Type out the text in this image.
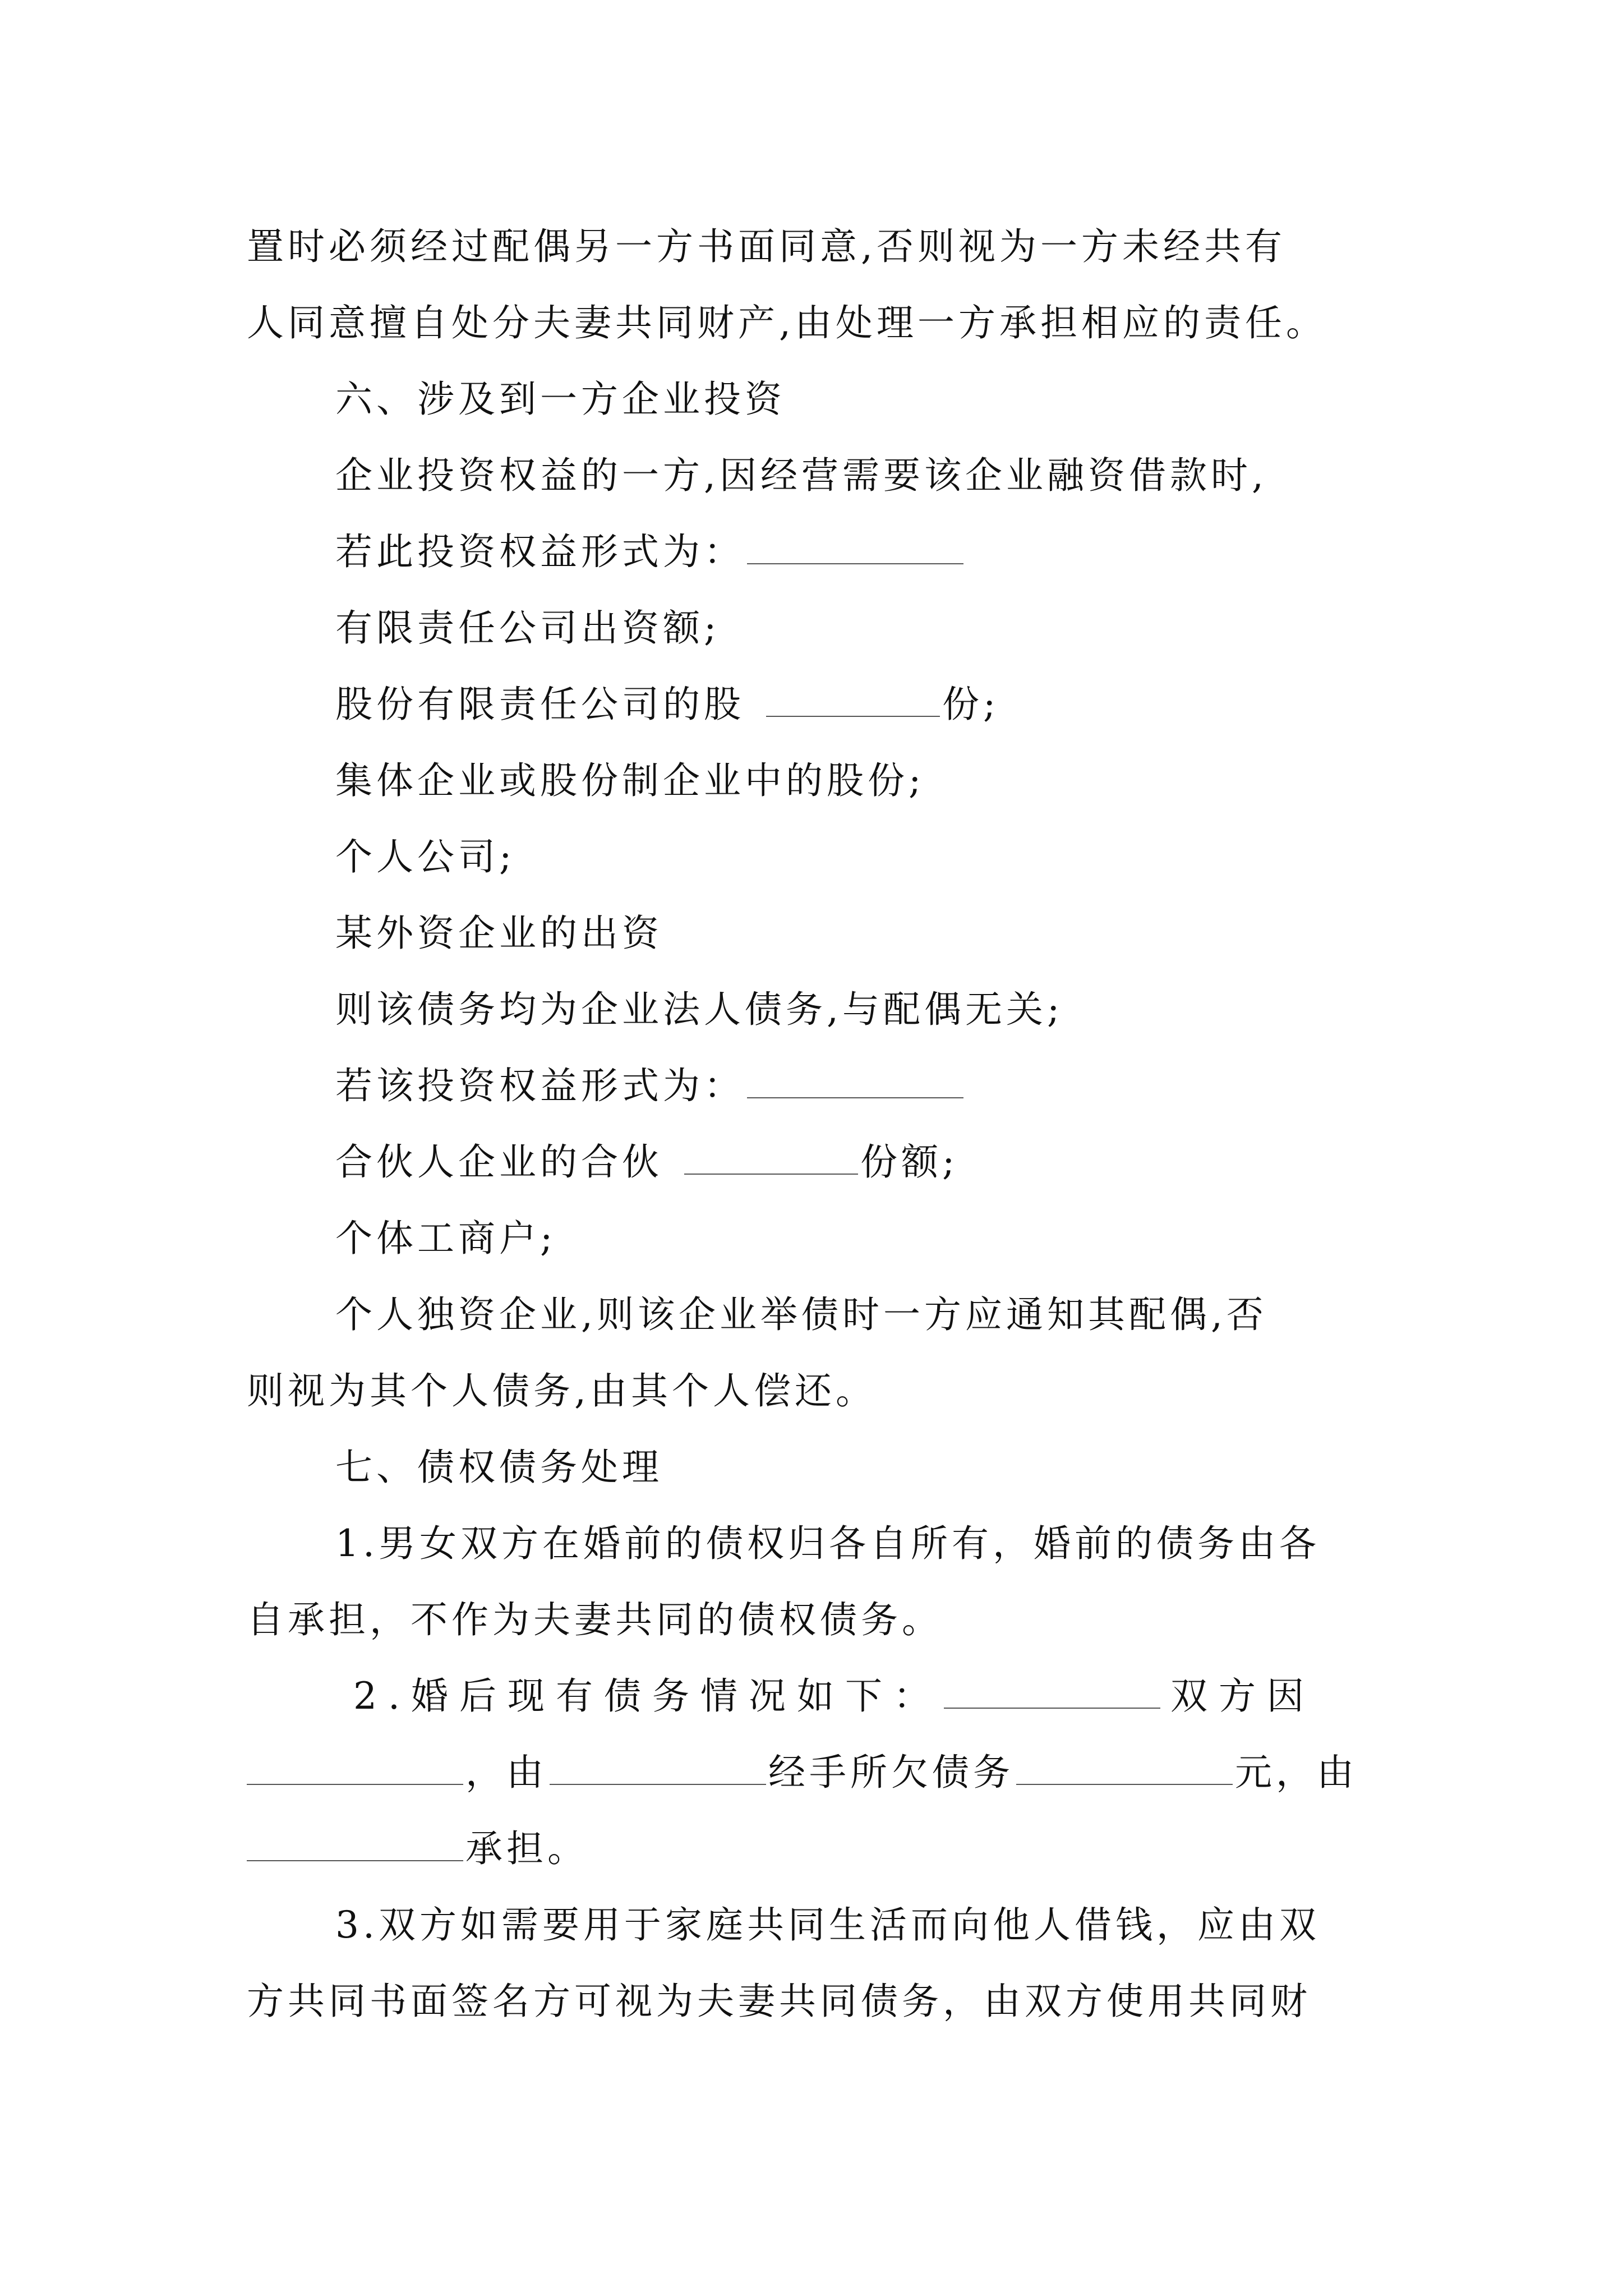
置时必须经过配偶另一方书面同意,否则视为一方未经共有
人同意擅自处分夫妻共同财产,由处理一方承担相应的责任。
六、涉及到一方企业投资
企业投资权益的一方,因经营需要该企业融资借款时,
若此投资权益形式为：
有限责任公司出资额;
股份有限责任公司的股	份;
集体企业或股份制企业中的股份;
个人公司;
某外资企业的出资
则该债务均为企业法人债务,与配偶无关;
若该投资权益形式为：
合伙人企业的合伙	份额;
个体工商户;
个人独资企业,则该企业举债时一方应通知其配偶,否
则视为其个人债务,由其个人偿还。
七、债权债务处理
1.男女双方在婚前的债权归各自所有，婚前的债务由各
自承担，不作为夫妻共同的债权债务。
2.婚后现有债务情况如下：	双方因
，由	经手所欠债务	元，由
承担。
3.双方如需要用于家庭共同生活而向他人借钱，应由双
方共同书面签名方可视为夫妻共同债务，由双方使用共同财
